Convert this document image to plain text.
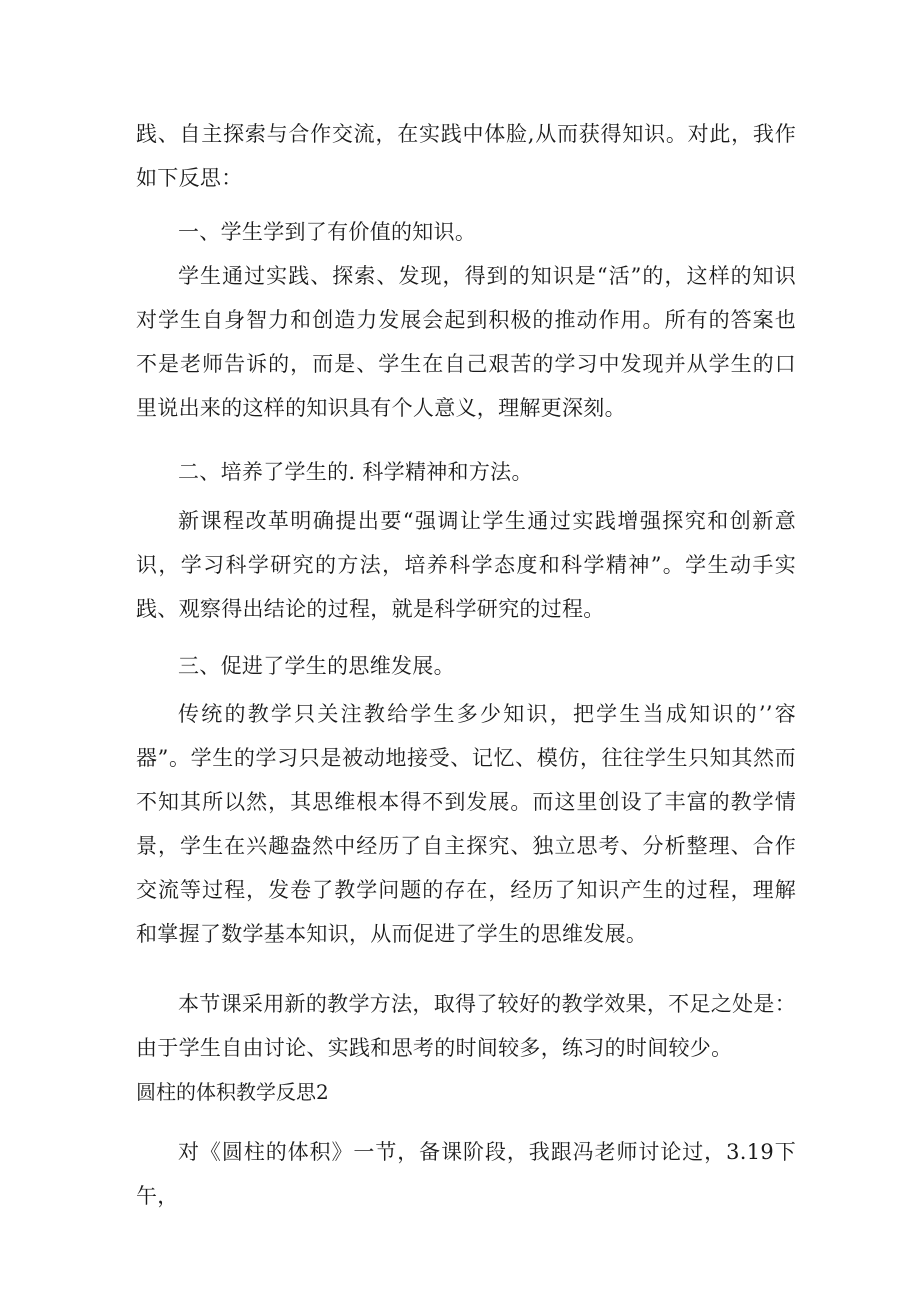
践、自主探索与合作交流，在实践中体脸,从而获得知识。对此，我作如下反思：

一、学生学到了有价值的知识。

学生通过实践、探索、发现，得到的知识是“活”的，这样的知识对学生自身智力和创造力发展会起到积极的推动作用。所有的答案也不是老师告诉的，而是、学生在自己艰苦的学习中发现并从学生的口里说出来的这样的知识具有个人意义，理解更深刻。

二、培养了学生的. 科学精神和方法。

新课程改革明确提出要“强调让学生通过实践增强探究和创新意识，学习科学研究的方法，培养科学态度和科学精神”。学生动手实践、观察得出结论的过程，就是科学研究的过程。

三、促进了学生的思维发展。

传统的教学只关注教给学生多少知识，把学生当成知识的’’容器”。学生的学习只是被动地接受、记忆、模仿，往往学生只知其然而不知其所以然，其思维根本得不到发展。而这里创设了丰富的教学情景，学生在兴趣盎然中经历了自主探究、独立思考、分析整理、合作交流等过程，发卷了教学问题的存在，经历了知识产生的过程，理解和掌握了数学基本知识，从而促进了学生的思维发展。

本节课采用新的教学方法，取得了较好的教学效果，不足之处是：由于学生自由讨论、实践和思考的时间较多，练习的时间较少。

圆柱的体积教学反思2

对《圆柱的体积》一节，备课阶段，我跟冯老师讨论过，3.19下午，
